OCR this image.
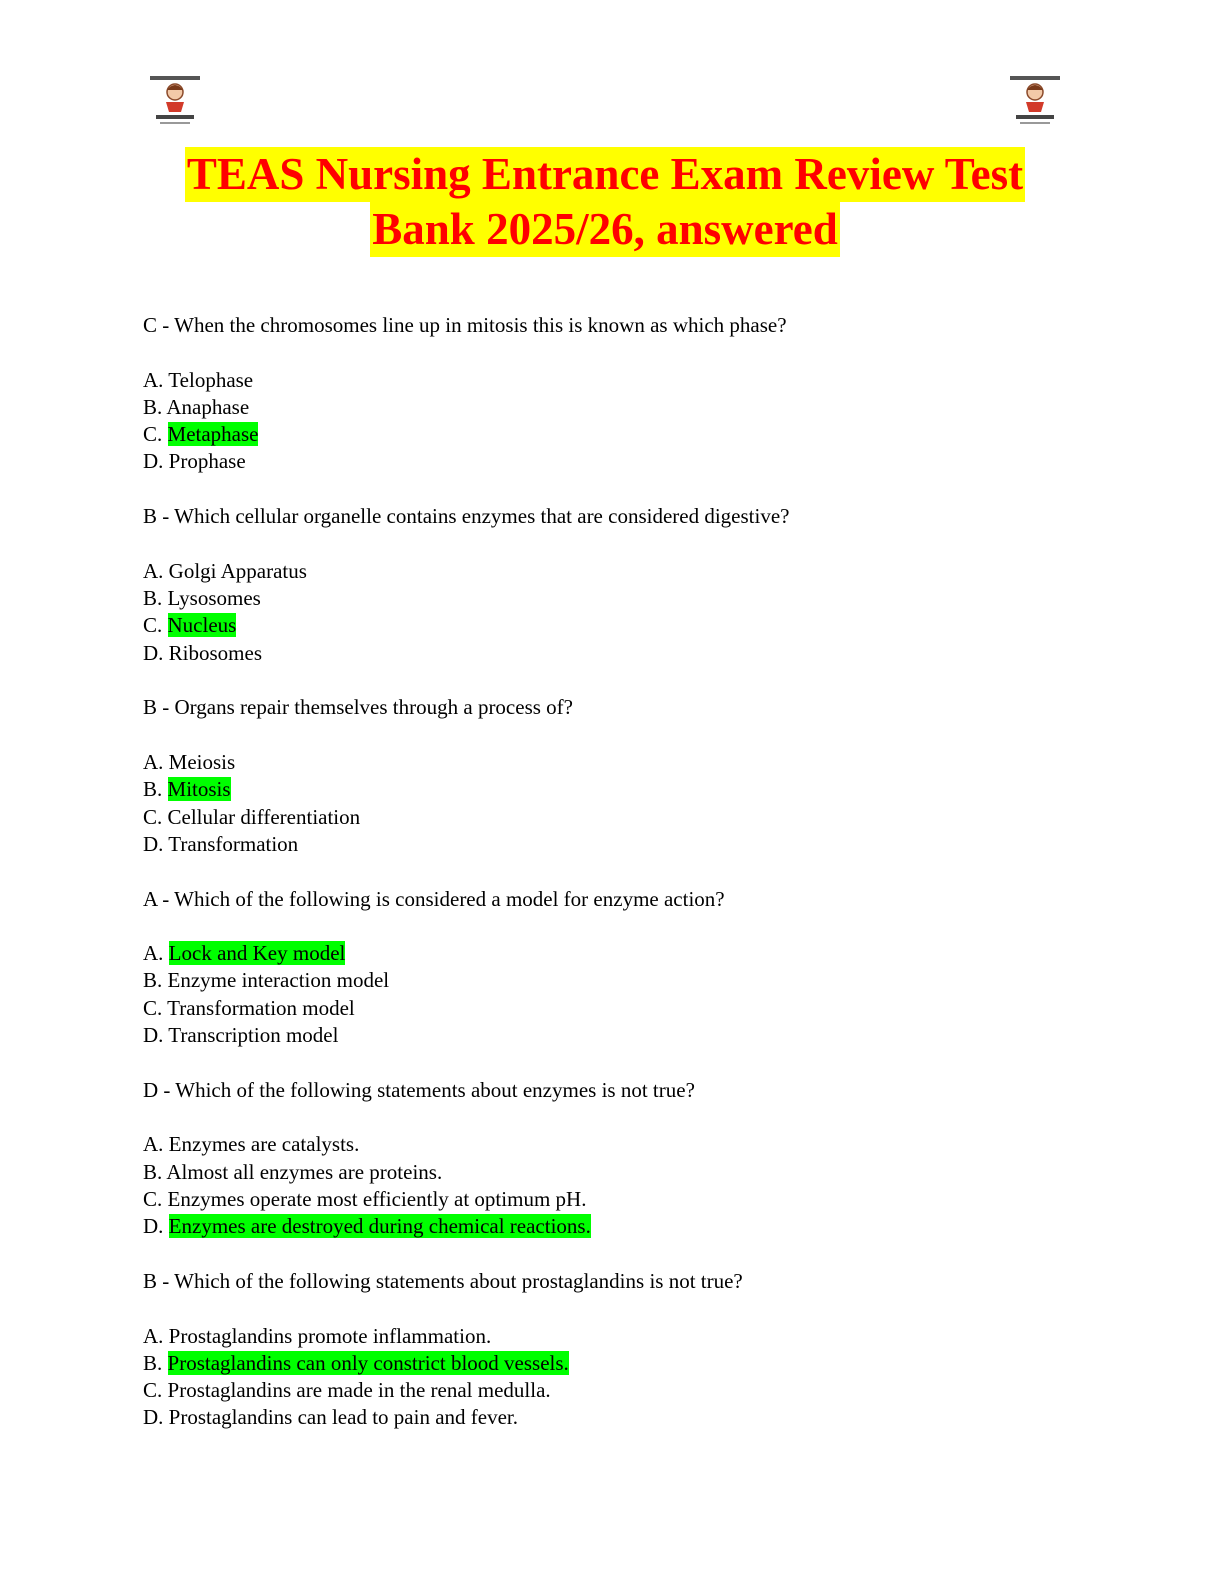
TEAS Nursing Entrance Exam Review Test
Bank 2025/26, answered
C - When the chromosomes line up in mitosis this is known as which phase?
A. Telophase
B. Anaphase
C. Metaphase
D. Prophase
B - Which cellular organelle contains enzymes that are considered digestive?
A. Golgi Apparatus
B. Lysosomes
C. Nucleus
D. Ribosomes
B - Organs repair themselves through a process of?
A. Meiosis
B. Mitosis
C. Cellular differentiation
D. Transformation
A - Which of the following is considered a model for enzyme action?
A. Lock and Key model
B. Enzyme interaction model
C. Transformation model
D. Transcription model
D - Which of the following statements about enzymes is not true?
A. Enzymes are catalysts.
B. Almost all enzymes are proteins.
C. Enzymes operate most efficiently at optimum pH.
D. Enzymes are destroyed during chemical reactions.
B - Which of the following statements about prostaglandins is not true?
A. Prostaglandins promote inflammation.
B. Prostaglandins can only constrict blood vessels.
C. Prostaglandins are made in the renal medulla.
D. Prostaglandins can lead to pain and fever.
